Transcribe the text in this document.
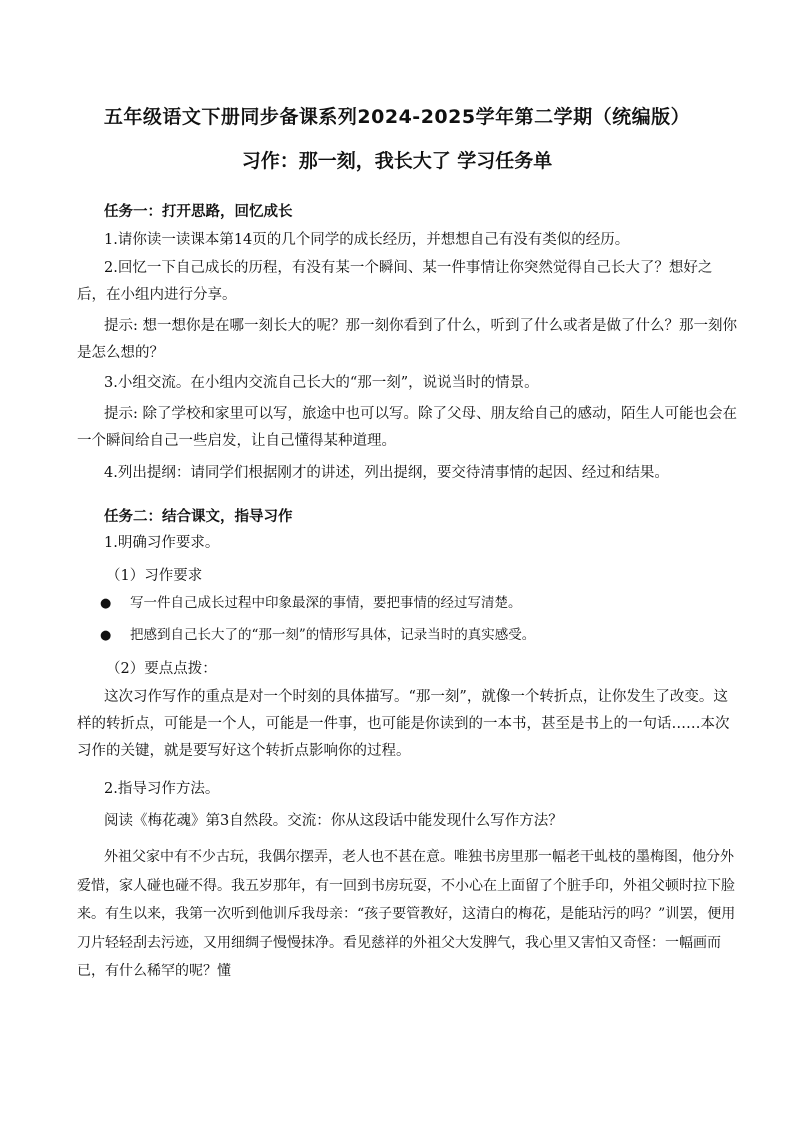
五年级语文下册同步备课系列2024-2025学年第二学期（统编版）
习作：那一刻，我长大了 学习任务单
任务一：打开思路，回忆成长

1.请你读一读课本第14页的几个同学的成长经历，并想想自己有没有类似的经历。

2.回忆一下自己成长的历程，有没有某一个瞬间、某一件事情让你突然觉得自己长大了？想好之后，在小组内进行分享。

提示: 想一想你是在哪一刻长大的呢？那一刻你看到了什么，听到了什么或者是做了什么？那一刻你是怎么想的？

3.小组交流。在小组内交流自己长大的“那一刻”，说说当时的情景。

提示: 除了学校和家里可以写，旅途中也可以写。除了父母、朋友给自己的感动，陌生人可能也会在一个瞬间给自己一些启发，让自己懂得某种道理。

4.列出提纲：请同学们根据刚才的讲述，列出提纲，要交待清事情的起因、经过和结果。

任务二：结合课文，指导习作

1.明确习作要求。

（1）习作要求
● 写一件自己成长过程中印象最深的事情，要把事情的经过写清楚。
● 把感到自己长大了的“那一刻”的情形写具体，记录当时的真实感受。
（2）要点点拨：

这次习作写作的重点是对一个时刻的具体描写。“那一刻”，就像一个转折点，让你发生了改变。这样的转折点，可能是一个人，可能是一件事，也可能是你读到的一本书，甚至是书上的一句话……本次习作的关键，就是要写好这个转折点影响你的过程。

2.指导习作方法。

阅读《梅花魂》第3自然段。交流：你从这段话中能发现什么写作方法？

外祖父家中有不少古玩，我偶尔摆弄，老人也不甚在意。唯独书房里那一幅老干虬枝的墨梅图，他分外爱惜，家人碰也碰不得。我五岁那年，有一回到书房玩耍，不小心在上面留了个脏手印，外祖父顿时拉下脸来。有生以来，我第一次听到他训斥我母亲：“孩子要管教好，这清白的梅花，是能玷污的吗？”训罢，便用刀片轻轻刮去污迹，又用细绸子慢慢抹净。看见慈祥的外祖父大发脾气，我心里又害怕又奇怪：一幅画而已，有什么稀罕的呢？懂
